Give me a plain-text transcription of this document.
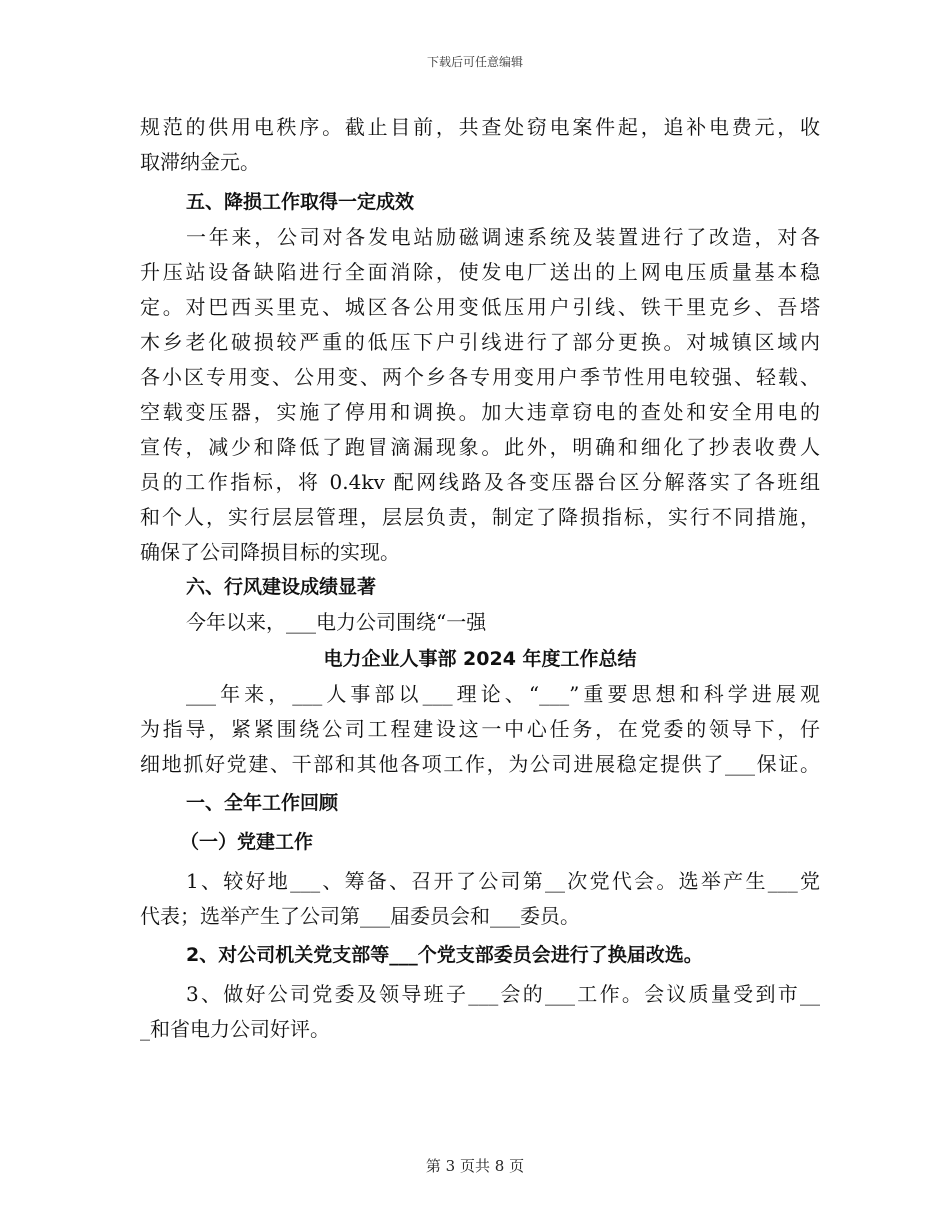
下载后可任意编辑

规范的供用电秩序。截止目前，共查处窃电案件起，追补电费元，收

取滞纳金元。

五、降损工作取得一定成效

一年来，公司对各发电站励磁调速系统及装置进行了改造，对各

升压站设备缺陷进行全面消除，使发电厂送出的上网电压质量基本稳

定。对巴西买里克、城区各公用变低压用户引线、铁干里克乡、吾塔

木乡老化破损较严重的低压下户引线进行了部分更换。对城镇区域内

各小区专用变、公用变、两个乡各专用变用户季节性用电较强、轻载、

空载变压器，实施了停用和调换。加大违章窃电的查处和安全用电的

宣传，减少和降低了跑冒滴漏现象。此外，明确和细化了抄表收费人

员的工作指标，将 0.4kv 配网线路及各变压器台区分解落实了各班组

和个人，实行层层管理，层层负责，制定了降损指标，实行不同措施，

确保了公司降损目标的实现。

六、行风建设成绩显著

今年以来，___电力公司围绕“一强

电力企业人事部 2024 年度工作总结

___年来，___人事部以___理论、“___”重要思想和科学进展观

为指导，紧紧围绕公司工程建设这一中心任务，在党委的领导下，仔

细地抓好党建、干部和其他各项工作，为公司进展稳定提供了___保证。

一、全年工作回顾

（一）党建工作

1、较好地___、筹备、召开了公司第__次党代会。选举产生___党

代表；选举产生了公司第___届委员会和___委员。

2、对公司机关党支部等___个党支部委员会进行了换届改选。

3、做好公司党委及领导班子___会的___工作。会议质量受到市__

_和省电力公司好评。

第 3 页共 8 页
